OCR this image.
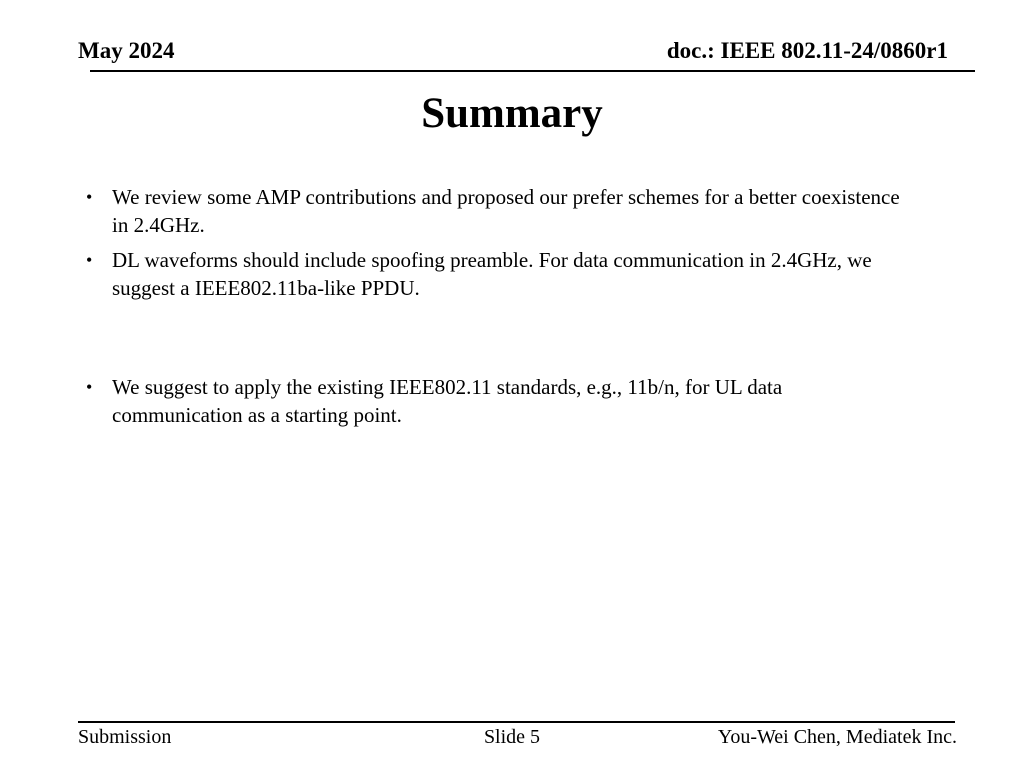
May 2024	doc.: IEEE 802.11-24/0860r1
Summary
• We review some AMP contributions and proposed our prefer schemes for a better coexistence in 2.4GHz.
• DL waveforms should include spoofing preamble. For data communication in 2.4GHz, we suggest a IEEE802.11ba-like PPDU.
• We suggest to apply the existing IEEE802.11 standards, e.g., 11b/n, for UL data communication as a starting point.
Submission	Slide 5	You-Wei Chen, Mediatek Inc.
